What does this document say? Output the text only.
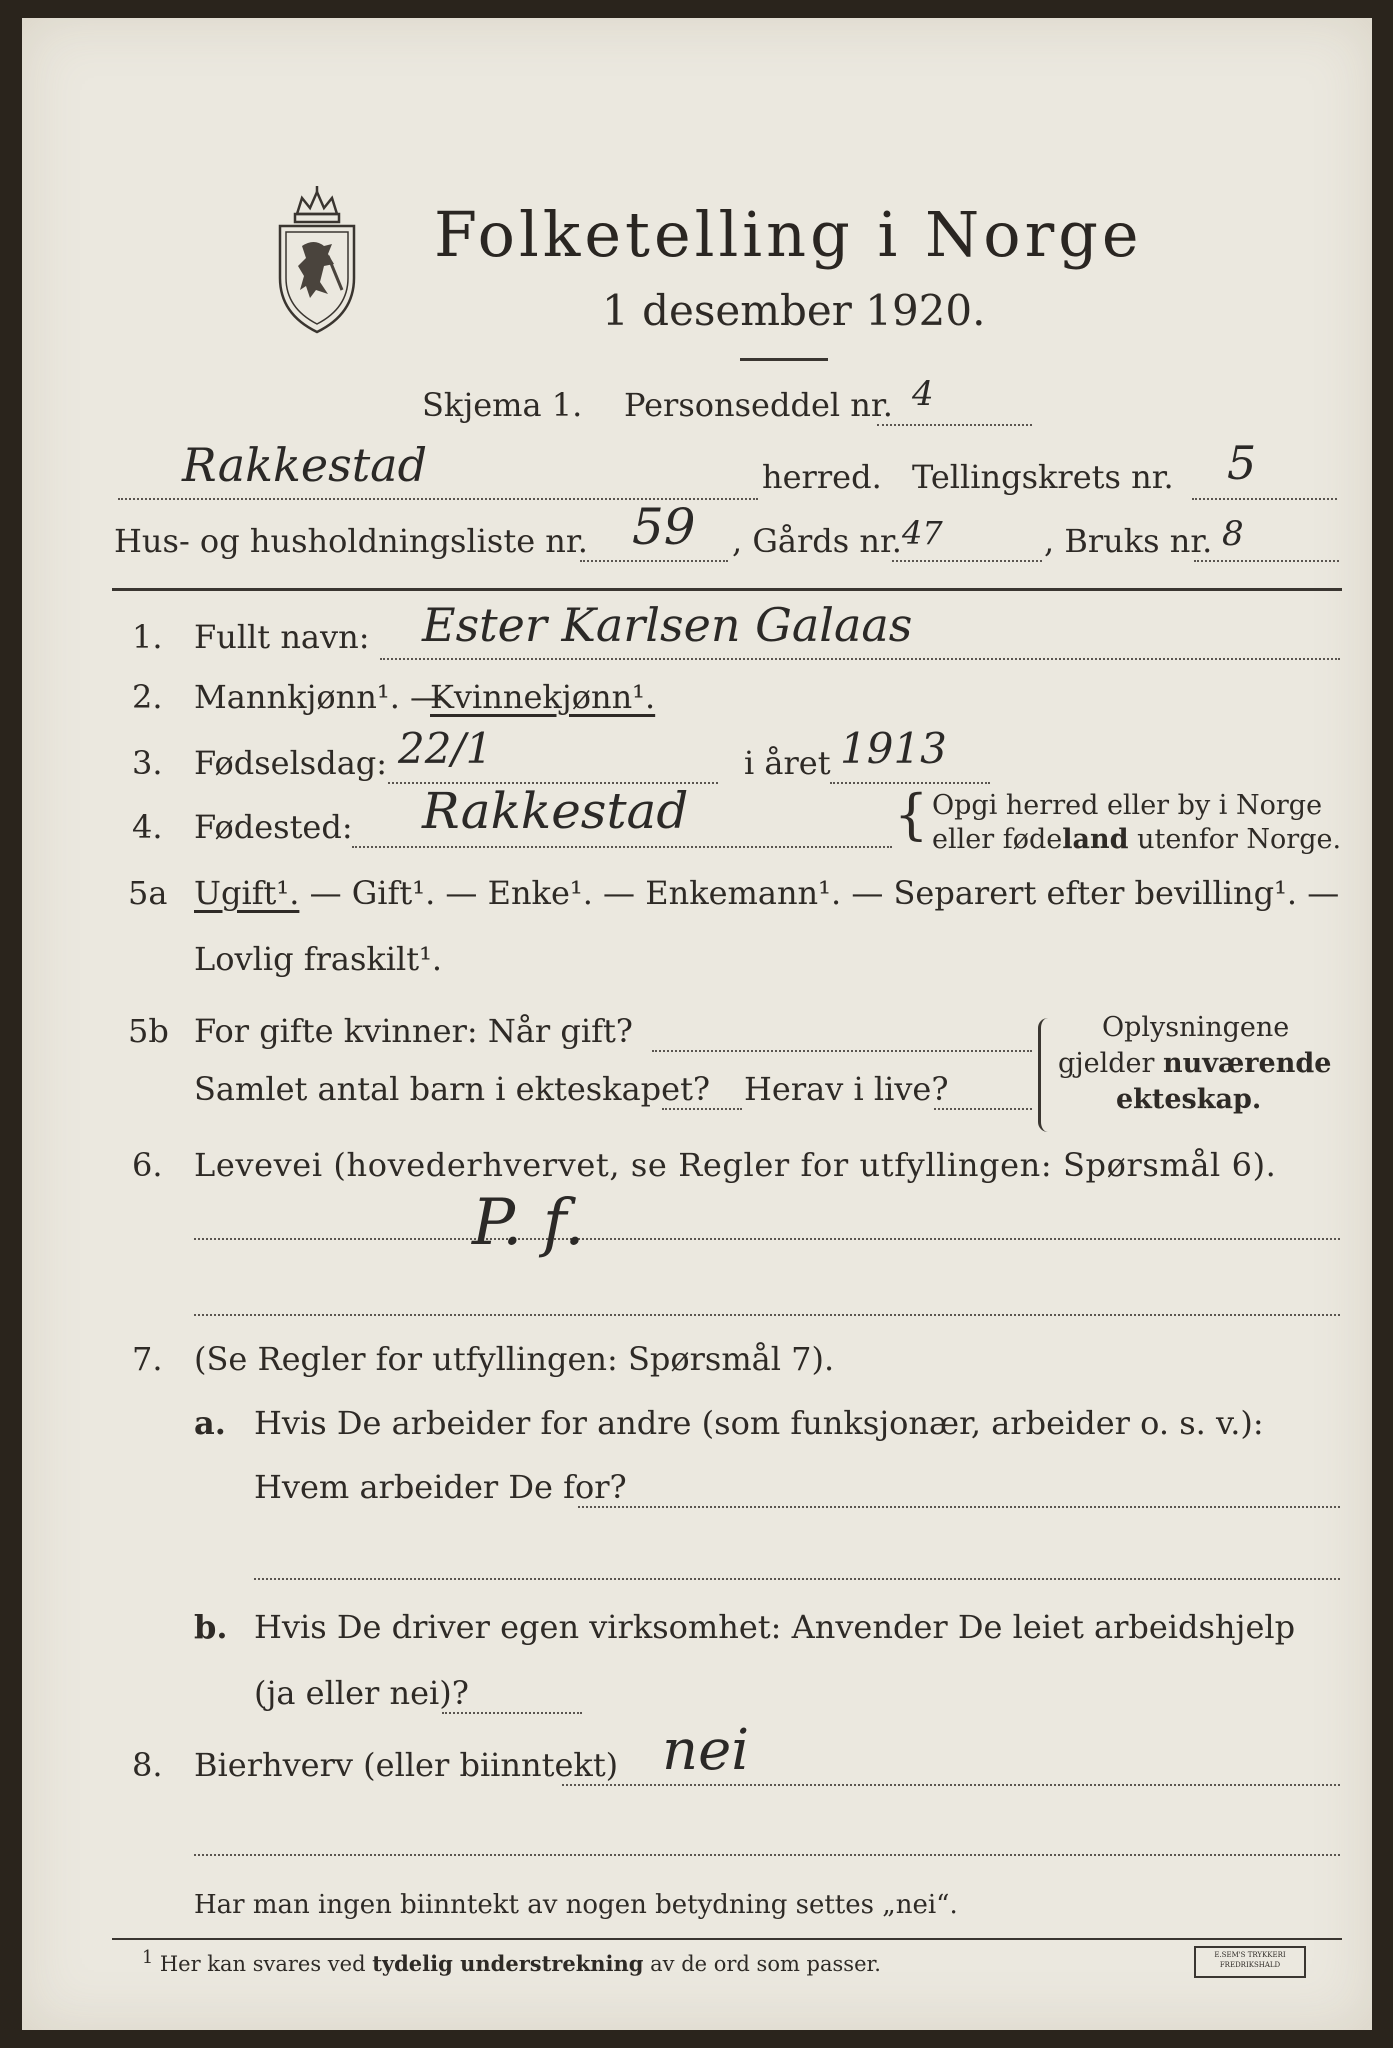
Folketelling i Norge
1 desember 1920.
Skjema 1. Personseddel nr. 4
Rakkestad	herred. Tellingskrets nr. 5
Hus- og husholdningsliste nr. 59 , Gårds nr. 47	, Bruks nr. 8
1. Fullt navn: Ester Karlsen Galaas
2. Mannkjønn¹. —
Kvinnekjønn¹.
3. Fødselsdag: 22/1	i året 1913
4. Fødested: Rakkestad	{ Opgi herred eller by i Norge
eller fødeland utenfor Norge.
5a Ugift¹. — Gift¹. — Enke¹. — Enkemann¹. — Separert efter bevilling¹. —
Lovlig fraskilt¹.
5b For gifte kvinner: Når gift?
Samlet antal barn i ekteskapet? Herav i live?
Oplysningene
gjelder nuværende
ekteskap.
6. Levevei (hovederhvervet, se Regler for utfyllingen: Spørsmål 6).
P. f.
7. (Se Regler for utfyllingen: Spørsmål 7).
a. Hvis De arbeider for andre (som funksjonær, arbeider o. s. v.):
Hvem arbeider De for?
b. Hvis De driver egen virksomhet: Anvender De leiet arbeidshjelp
(ja eller nei)?
8. Bierhverv (eller biinntekt) nei
Har man ingen biinntekt av nogen betydning settes „nei“.
$^1$ Her kan svares ved tydelig understrekning av de ord som passer.	E.SEM'S TRYKKERI
FREDRIKSHALD
